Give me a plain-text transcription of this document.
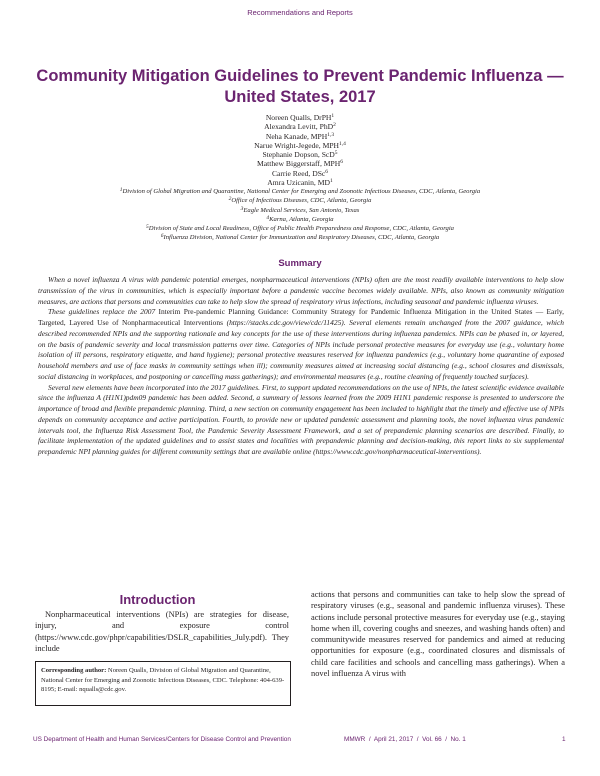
Recommendations and Reports
Community Mitigation Guidelines to Prevent Pandemic Influenza — United States, 2017
Noreen Qualls, DrPH$^1$
Alexandra Levitt, PhD$^2$
Neha Kanade, MPH$^{1,3}$
Narue Wright-Jegede, MPH$^{1,4}$
Stephanie Dopson, ScD$^5$
Matthew Biggerstaff, MPH$^6$
Carrie Reed, DSc$^6$
Amra Uzicanin, $MD^1$
$^1$Division of Global Migration and Quarantine, National Center for Emerging and Zoonotic Infectious Diseases, CDC, Atlanta, Georgia
$^2$Office of Infectious Diseases, CDC, Atlanta, Georgia
$^3$Eagle Medical Services, San Antonio, Texas
$^4$Karna, Atlanta, Georgia
$^5$Division of State and Local Readiness, Office of Public Health Preparedness and Response, CDC, Atlanta, Georgia
$^6$Influenza Division, National Center for Immunization and Respiratory Diseases, CDC, Atlanta, Georgia
Summary

When a novel influenza A virus with pandemic potential emerges, nonpharmaceutical interventions (NPIs) often are the most readily available interventions to help slow transmission of the virus in communities, which is especially important before a pandemic vaccine becomes widely available. NPIs, also known as community mitigation measures, are actions that persons and communities can take to help slow the spread of respiratory virus infections, including seasonal and pandemic influenza viruses.

These guidelines replace the 2007 Interim Pre-pandemic Planning Guidance: Community Strategy for Pandemic Influenza Mitigation in the United States — Early, Targeted, Layered Use of Nonpharmaceutical Interventions (https://stacks.cdc.gov/view/cdc/11425). Several elements remain unchanged from the 2007 guidance, which described recommended NPIs and the supporting rationale and key concepts for the use of these interventions during influenza pandemics. NPIs can be phased in, or layered, on the basis of pandemic severity and local transmission patterns over time. Categories of NPIs include personal protective measures for everyday use (e.g., voluntary home isolation of ill persons, respiratory etiquette, and hand hygiene); personal protective measures reserved for influenza pandemics (e.g., voluntary home quarantine of exposed household members and use of face masks in community settings when ill); community measures aimed at increasing social distancing (e.g., school closures and dismissals, social distancing in workplaces, and postponing or cancelling mass gatherings); and environmental measures (e.g., routine cleaning of frequently touched surfaces).

Several new elements have been incorporated into the 2017 guidelines. First, to support updated recommendations on the use of NPIs, the latest scientific evidence available since the influenza A (H1N1)pdm09 pandemic has been added. Second, a summary of lessons learned from the 2009 H1N1 pandemic response is presented to underscore the importance of broad and flexible prepandemic planning. Third, a new section on community engagement has been included to highlight that the timely and effective use of NPIs depends on community acceptance and active participation. Fourth, to provide new or updated pandemic assessment and planning tools, the novel influenza virus pandemic intervals tool, the Influenza Risk Assessment Tool, the Pandemic Severity Assessment Framework, and a set of prepandemic planning scenarios are described. Finally, to facilitate implementation of the updated guidelines and to assist states and localities with prepandemic planning and decision-making, this report links to six supplemental prepandemic NPI planning guides for different community settings that are available online (https://www.cdc.gov/nonpharmaceutical-interventions).

Introduction

Nonpharmaceutical interventions (NPIs) are strategies for disease, injury, and exposure control (https://www.cdc.gov/phpr/capabilities/DSLR_capabilities_July.pdf). They include

Corresponding author: Noreen Qualls, Division of Global Migration and Quarantine, National Center for Emerging and Zoonotic Infectious Diseases, CDC. Telephone: 404-639-8195; E-mail: nqualls@cdc.gov.

actions that persons and communities can take to help slow the spread of respiratory viruses (e.g., seasonal and pandemic influenza viruses). These actions include personal protective measures for everyday use (e.g., staying home when ill, covering coughs and sneezes, and washing hands often) and communitywide measures reserved for pandemics and aimed at reducing opportunities for exposure (e.g., coordinated closures and dismissals of child care facilities and schools and cancelling mass gatherings). When a novel influenza A virus with

US Department of Health and Human Services/Centers for Disease Control and Prevention	MMWR  /  April 21, 2017  /  Vol. 66  /  No. 1	1
